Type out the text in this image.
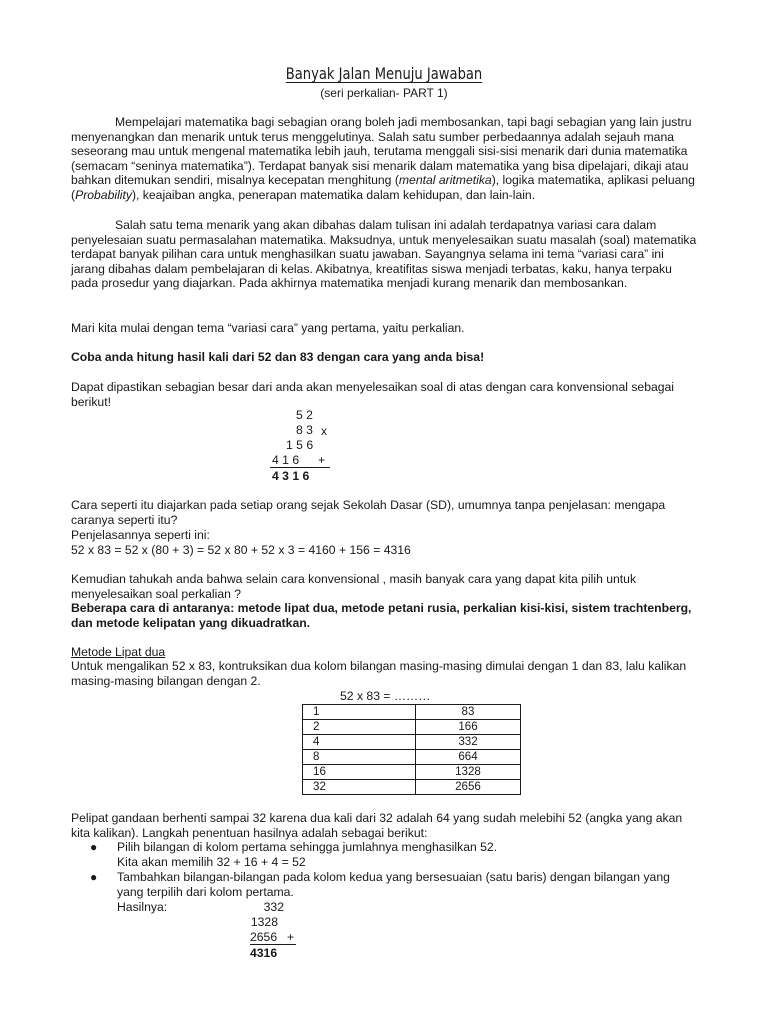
Banyak Jalan Menuju Jawaban
(seri perkalian- PART 1)

Mempelajari matematika bagi sebagian orang boleh jadi membosankan, tapi bagi sebagian yang lain justru menyenangkan dan menarik untuk terus menggelutinya. Salah satu sumber perbedaannya adalah sejauh mana seseorang mau untuk mengenal matematika lebih jauh, terutama menggali sisi-sisi menarik dari dunia matematika (semacam “seninya matematika”). Terdapat banyak sisi menarik dalam matematika yang bisa dipelajari, dikaji atau bahkan ditemukan sendiri, misalnya kecepatan menghitung (mental aritmetika), logika matematika, aplikasi peluang (Probability), keajaiban angka, penerapan matematika dalam kehidupan, dan lain-lain.

Salah satu tema menarik yang akan dibahas dalam tulisan ini adalah terdapatnya variasi cara dalam penyelesaian suatu permasalahan matematika. Maksudnya, untuk menyelesaikan suatu masalah (soal) matematika terdapat banyak pilihan cara untuk menghasilkan suatu jawaban. Sayangnya selama ini tema “variasi cara” ini jarang dibahas dalam pembelajaran di kelas. Akibatnya, kreatifitas siswa menjadi terbatas, kaku, hanya terpaku pada prosedur yang diajarkan. Pada akhirnya matematika menjadi kurang menarik dan membosankan.

Mari kita mulai dengan tema “variasi cara” yang pertama, yaitu perkalian.

Coba anda hitung hasil kali dari 52 dan 83 dengan cara yang anda bisa!

Dapat dipastikan sebagian besar dari anda akan menyelesaikan soal di atas dengan cara konvensional sebagai berikut!

5 2
8 3 x
1 5 6
4 1 6 +
4 3 1 6

Cara seperti itu diajarkan pada setiap orang sejak Sekolah Dasar (SD), umumnya tanpa penjelasan: mengapa caranya seperti itu?

Penjelasannya seperti ini:

52 x 83 = 52 x (80 + 3) = 52 x 80 + 52 x 3 = 4160 + 156 = 4316

Kemudian tahukah anda bahwa selain cara konvensional , masih banyak cara yang dapat kita pilih untuk menyelesaikan soal perkalian ?

Beberapa cara di antaranya: metode lipat dua, metode petani rusia, perkalian kisi-kisi, sistem trachtenberg, dan metode kelipatan yang dikuadratkan.

Metode Lipat dua

Untuk mengalikan 52 x 83, kontruksikan dua kolom bilangan masing-masing dimulai dengan 1 dan 83, lalu kalikan masing-masing bilangan dengan 2.

52 x 83 = ………
1	83
2	166
4	332
8	664
16	1328
32	2656

Pelipat gandaan berhenti sampai 32 karena dua kali dari 32 adalah 64 yang sudah melebihi 52 (angka yang akan kita kalikan). Langkah penentuan hasilnya adalah sebagai berikut:

● Pilih bilangan di kolom pertama sehingga jumlahnya menghasilkan 52.

Kita akan memilih 32 + 16 + 4 = 52

● Tambahkan bilangan-bilangan pada kolom kedua yang bersesuaian (satu baris) dengan bilangan yang yang terpilih dari kolom pertama.

Hasilnya:	332
1328
2656 +
4316
